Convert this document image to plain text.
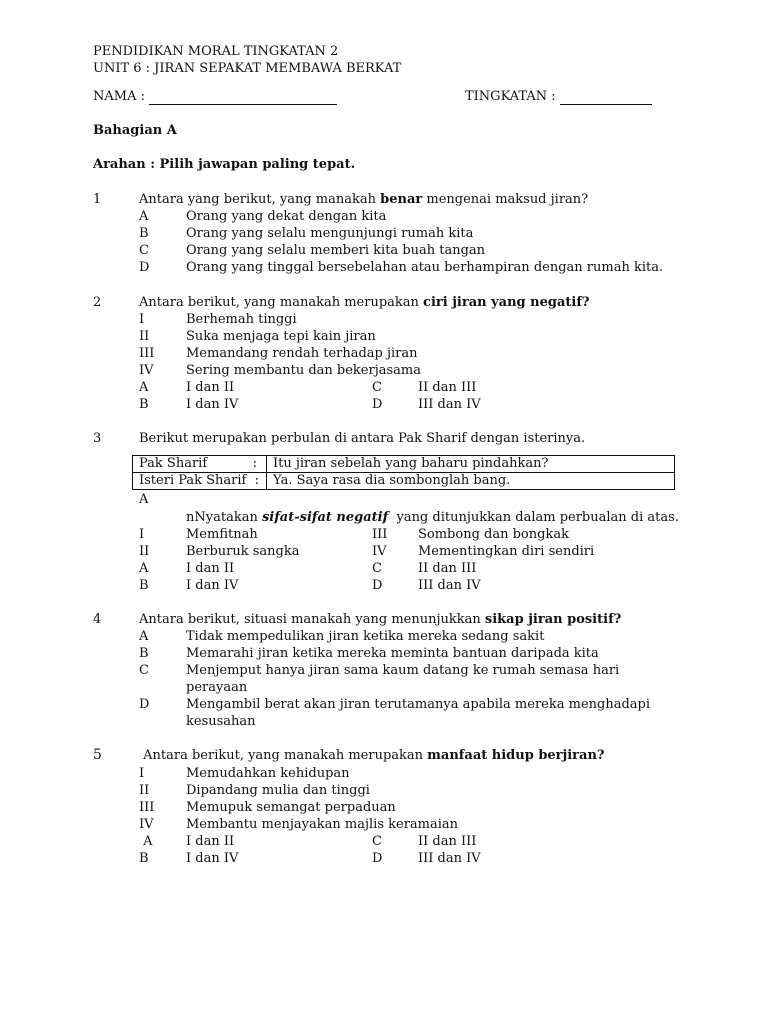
PENDIDIKAN MORAL TINGKATAN 2
UNIT 6 : JIRAN SEPAKAT MEMBAWA BERKAT
NAMA :	TINGKATAN :
Bahagian A
Arahan : Pilih jawapan paling tepat.
1	Antara yang berikut, yang manakah benar mengenai maksud jiran?
A	Orang yang dekat dengan kita
B	Orang yang selalu mengunjungi rumah kita
C	Orang yang selalu memberi kita buah tangan
D	Orang yang tinggal bersebelahan atau berhampiran dengan rumah kita.
2	Antara berikut, yang manakah merupakan ciri jiran yang negatif?
I	Berhemah tinggi
II	Suka menjaga tepi kain jiran
III Memandang rendah terhadap jiran
IV Sering membantu dan bekerjasama
A	I dan II	C	II dan III
B	I dan IV	D	III dan IV
3	Berikut merupakan perbulan di antara Pak Sharif dengan isterinya.
Pak Sharif           :	Itu jiran sebelah yang baharu pindahkan?
Isteri Pak Sharif  :	Ya. Saya rasa dia sombonglah bang.
A
nNyatakan sifat-sifat negatif  yang ditunjukkan dalam perbualan di atas.
I	Memfitnah	III Sombong dan bongkak
II	Berburuk sangka	IV Mementingkan diri sendiri
A	I dan II	C	II dan III
B	I dan IV	D	III dan IV
4	Antara berikut, situasi manakah yang menunjukkan sikap jiran positif?
A	Tidak mempedulikan jiran ketika mereka sedang sakit
B	Memarahi jiran ketika mereka meminta bantuan daripada kita
C	Menjemput hanya jiran sama kaum datang ke rumah semasa hari
perayaan
D	Mengambil berat akan jiran terutamanya apabila mereka menghadapi
kesusahan
5	Antara berikut, yang manakah merupakan manfaat hidup berjiran?
I	Memudahkan kehidupan
II	Dipandang mulia dan tinggi
III Memupuk semangat perpaduan
IV Membantu menjayakan majlis keramaian
A	I dan II	C	II dan III
B	I dan IV	D	III dan IV
